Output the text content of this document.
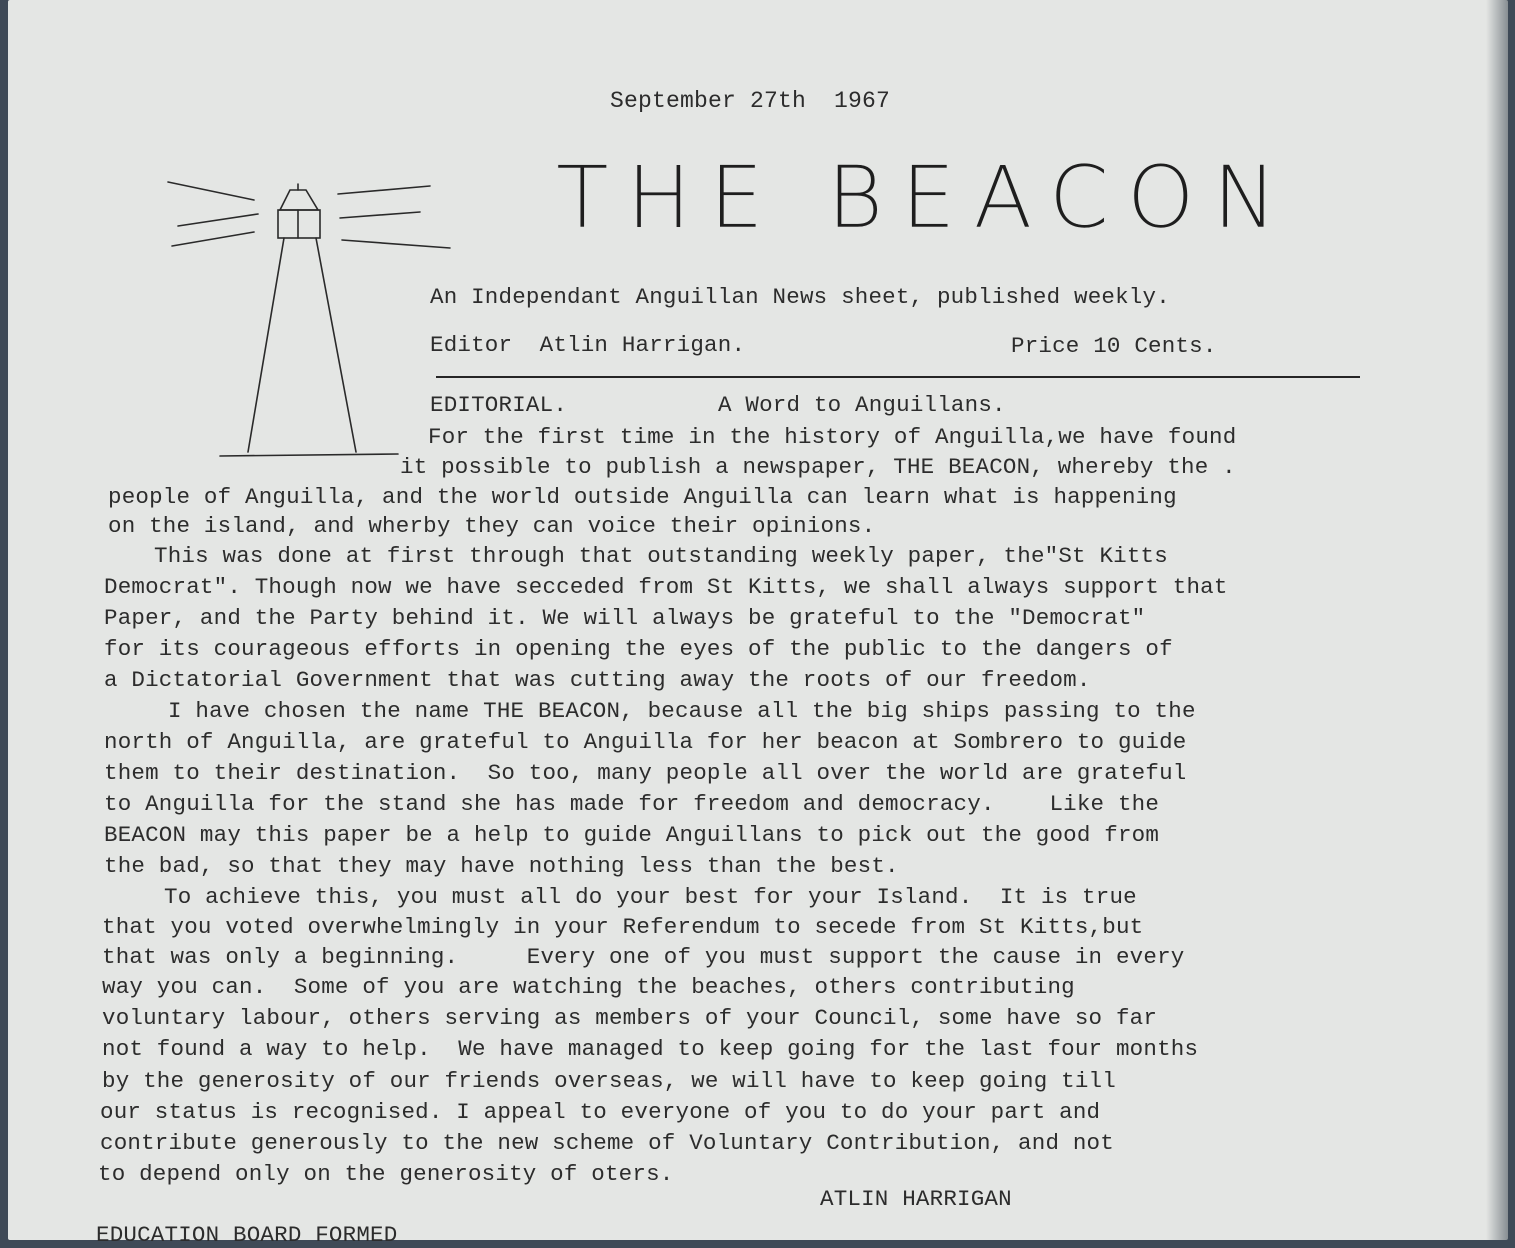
September 27th  1967
THE BEACON
An Independant Anguillan News sheet, published weekly.
Editor  Atlin Harrigan.	Price 10 Cents.
EDITORIAL.	A Word to Anguillans.
For the first time in the history of Anguilla,we have found
it possible to publish a newspaper, THE BEACON, whereby the .
people of Anguilla, and the world outside Anguilla can learn what is happening
on the island, and wherby they can voice their opinions.
This was done at first through that outstanding weekly paper, the"St Kitts
Democrat". Though now we have secceded from St Kitts, we shall always support that
Paper, and the Party behind it. We will always be grateful to the "Democrat"
for its courageous efforts in opening the eyes of the public to the dangers of
a Dictatorial Government that was cutting away the roots of our freedom.
I have chosen the name THE BEACON, because all the big ships passing to the
north of Anguilla, are grateful to Anguilla for her beacon at Sombrero to guide
them to their destination.  So too, many people all over the world are grateful
to Anguilla for the stand she has made for freedom and democracy.    Like the
BEACON may this paper be a help to guide Anguillans to pick out the good from
the bad, so that they may have nothing less than the best.
To achieve this, you must all do your best for your Island.  It is true
that you voted overwhelmingly in your Referendum to secede from St Kitts,but
that was only a beginning.     Every one of you must support the cause in every
way you can.  Some of you are watching the beaches, others contributing
voluntary labour, others serving as members of your Council, some have so far
not found a way to help.  We have managed to keep going for the last four months
by the generosity of our friends overseas, we will have to keep going till
our status is recognised. I appeal to everyone of you to do your part and
contribute generously to the new scheme of Voluntary Contribution, and not
to depend only on the generosity of oters.
ATLIN HARRIGAN
EDUCATION BOARD FORMED
